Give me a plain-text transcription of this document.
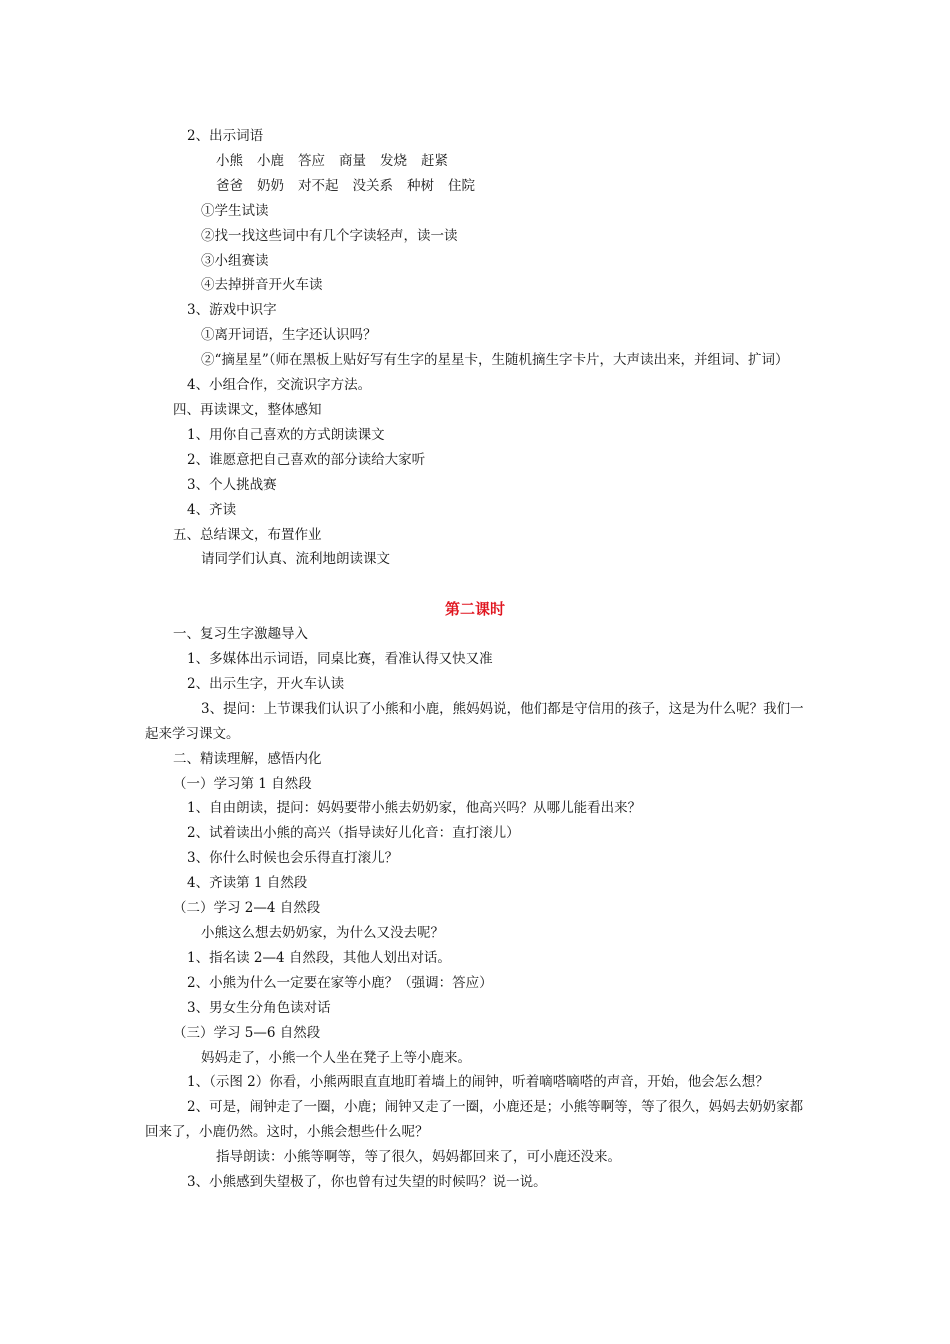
2、出示词语

小熊 小鹿 答应 商量 发烧 赶紧

爸爸 奶奶 对不起 没关系 种树 住院

①学生试读

②找一找这些词中有几个字读轻声，读一读

③小组赛读

④去掉拼音开火车读

3、游戏中识字

①离开词语，生字还认识吗？

②“摘星星”（师在黑板上贴好写有生字的星星卡，生随机摘生字卡片，大声读出来，并组词、扩词）

4、小组合作，交流识字方法。

四、再读课文，整体感知

1、用你自己喜欢的方式朗读课文

2、谁愿意把自己喜欢的部分读给大家听

3、个人挑战赛

4、齐读

五、总结课文，布置作业

请同学们认真、流利地朗读课文

第二课时

一、复习生字激趣导入

1、多媒体出示词语，同桌比赛，看准认得又快又准

2、出示生字，开火车认读

3、提问：上节课我们认识了小熊和小鹿，熊妈妈说，他们都是守信用的孩子，这是为什么呢？我们一起来学习课文。

二、精读理解，感悟内化

（一）学习第 1 自然段

1、自由朗读，提问：妈妈要带小熊去奶奶家，他高兴吗？从哪儿能看出来？

2、试着读出小熊的高兴（指导读好儿化音：直打滚儿）

3、你什么时候也会乐得直打滚儿？

4、齐读第 1 自然段

（二）学习 2—4 自然段

小熊这么想去奶奶家，为什么又没去呢？

1、指名读 2—4 自然段，其他人划出对话。

2、小熊为什么一定要在家等小鹿？（强调：答应）

3、男女生分角色读对话

（三）学习 5—6 自然段

妈妈走了，小熊一个人坐在凳子上等小鹿来。

1、（示图 2）你看，小熊两眼直直地盯着墙上的闹钟，听着嘀嗒嘀嗒的声音，开始，他会怎么想？

2、可是，闹钟走了一圈，小鹿；闹钟又走了一圈，小鹿还是；小熊等啊等，等了很久，妈妈去奶奶家都回来了，小鹿仍然。这时，小熊会想些什么呢？

指导朗读：小熊等啊等，等了很久，妈妈都回来了，可小鹿还没来。

3、小熊感到失望极了，你也曾有过失望的时候吗？说一说。
